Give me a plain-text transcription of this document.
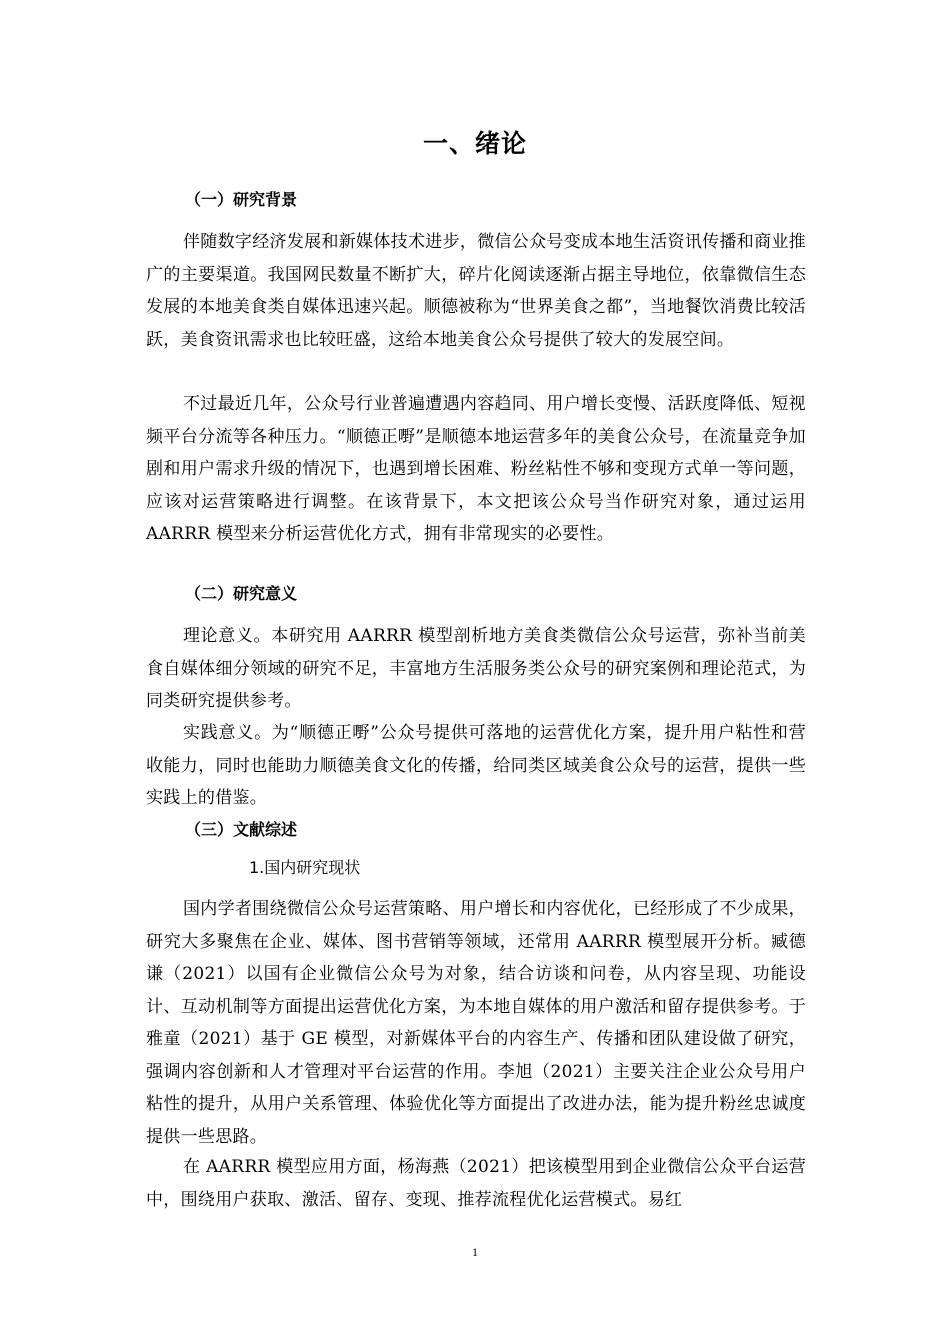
一、绪论
（一）研究背景

伴随数字经济发展和新媒体技术进步，微信公众号变成本地生活资讯传播和商业推广的主要渠道。我国网民数量不断扩大，碎片化阅读逐渐占据主导地位，依靠微信生态发展的本地美食类自媒体迅速兴起。顺德被称为“世界美食之都”，当地餐饮消费比较活跃，美食资讯需求也比较旺盛，这给本地美食公众号提供了较大的发展空间。

不过最近几年，公众号行业普遍遭遇内容趋同、用户增长变慢、活跃度降低、短视频平台分流等各种压力。“顺德正嘢”是顺德本地运营多年的美食公众号，在流量竞争加剧和用户需求升级的情况下，也遇到增长困难、粉丝粘性不够和变现方式单一等问题，应该对运营策略进行调整。在该背景下，本文把该公众号当作研究对象，通过运用 AARRR 模型来分析运营优化方式，拥有非常现实的必要性。

（二）研究意义

理论意义。本研究用 AARRR 模型剖析地方美食类微信公众号运营，弥补当前美食自媒体细分领域的研究不足，丰富地方生活服务类公众号的研究案例和理论范式，为同类研究提供参考。

实践意义。为“顺德正嘢”公众号提供可落地的运营优化方案，提升用户粘性和营收能力，同时也能助力顺德美食文化的传播，给同类区域美食公众号的运营，提供一些实践上的借鉴。

（三）文献综述
1.国内研究现状

国内学者围绕微信公众号运营策略、用户增长和内容优化，已经形成了不少成果，研究大多聚焦在企业、媒体、图书营销等领域，还常用 AARRR 模型展开分析。臧德谦（2021）以国有企业微信公众号为对象，结合访谈和问卷，从内容呈现、功能设计、互动机制等方面提出运营优化方案，为本地自媒体的用户激活和留存提供参考。于雅童（2021）基于 GE 模型，对新媒体平台的内容生产、传播和团队建设做了研究，强调内容创新和人才管理对平台运营的作用。李旭（2021）主要关注企业公众号用户粘性的提升，从用户关系管理、体验优化等方面提出了改进办法，能为提升粉丝忠诚度提供一些思路。

在 AARRR 模型应用方面，杨海燕（2021）把该模型用到企业微信公众平台运营中，围绕用户获取、激活、留存、变现、推荐流程优化运营模式。易红

1
